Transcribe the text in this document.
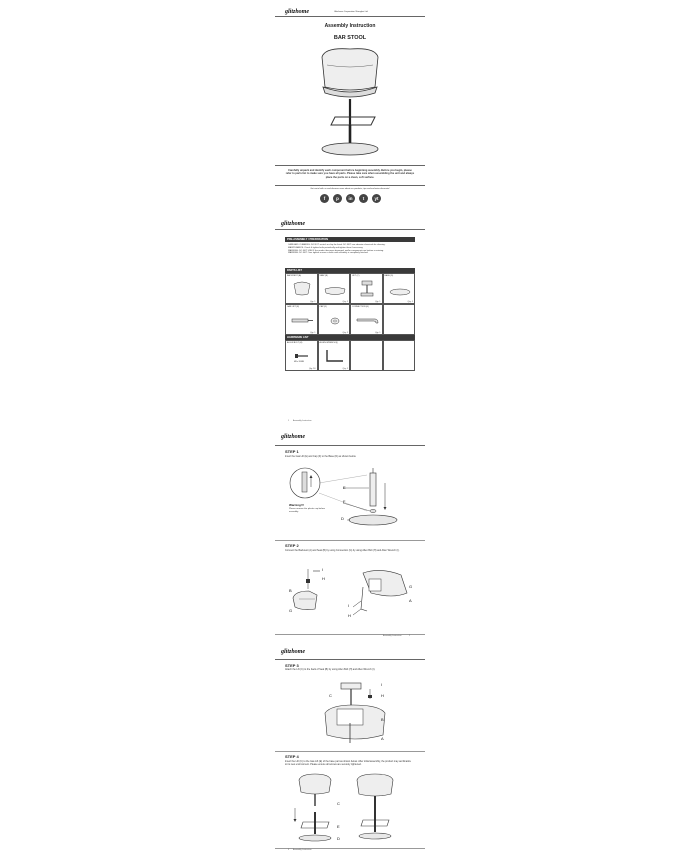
glitzhome	Glitzhome Corporation Shanghai Ltd
Assembly Instruction
BAR STOOL
Carefully unpack and identify each component before beginning assembly. Before you begin, please refer to parts list to make sure you have all parts. Please take care when assembling the unit and always place the parts on a clean, soft surface.
Get social with us and discover more about our products, tips and exclusive discounts!
f	p	in	t	yt
glitzhome
PRE-ASSEMBLY / PREPARATION
CARE AND CLEANING: DO NOT scratch or chip the finish. DO NOT use abrasive chemicals for cleaning.
MAINTENANCE: Check & tighten bolts periodically and tighten them if necessary.
WARNING: DO NOT USE IF the product becomes damaged, and/or components are broken or missing.
WARNING: DO NOT Over tighten screws or bolts until assembly is completely finished.
PARTS LIST
BACKREST (A)
Qty: 1
SEAT (B)
Qty: 1
LIFT (C)
Qty: 1
BASE (D)
Qty: 1
GAS LIFT (E)
Qty: 1
CAP (F)
Qty: 1
CONNECTION (G)
Qty: 1
HARDWARE LIST
ALLEN BOLT (H)
M8 x 20MM
Qty: 16
ALLEN WRENCH (I)
Qty: 1
1 Assembly Instruction
glitzhome
STEP 1
Insert the Gas Lift (E) and Cap (F) to the Base (D) as shown below.
E
F
D
Warning!!!
Please remove the plastic cap before assembly.
STEP 2
Connect the Backrest (A) and Seat (B) by using Connection (G) by using Allen Bolt (H) and Allen Wrench (I).
I
H
B
G
G
A
I
H
Assembly Instruction	2
glitzhome
STEP 3
Attach the Lift (C) to the back of Seat (B) by using Allen Bolt (H) and Allen Wrench (I).
I
H
C
B
A
STEP 4
Insert the Lift (C) to the Gas Lift (E) of the base part as shown below. After initial assembly, the product may acclimatize to its new environment. Please ensure all screws are securely tightened.
C
E
D
3 Assembly Instruction
